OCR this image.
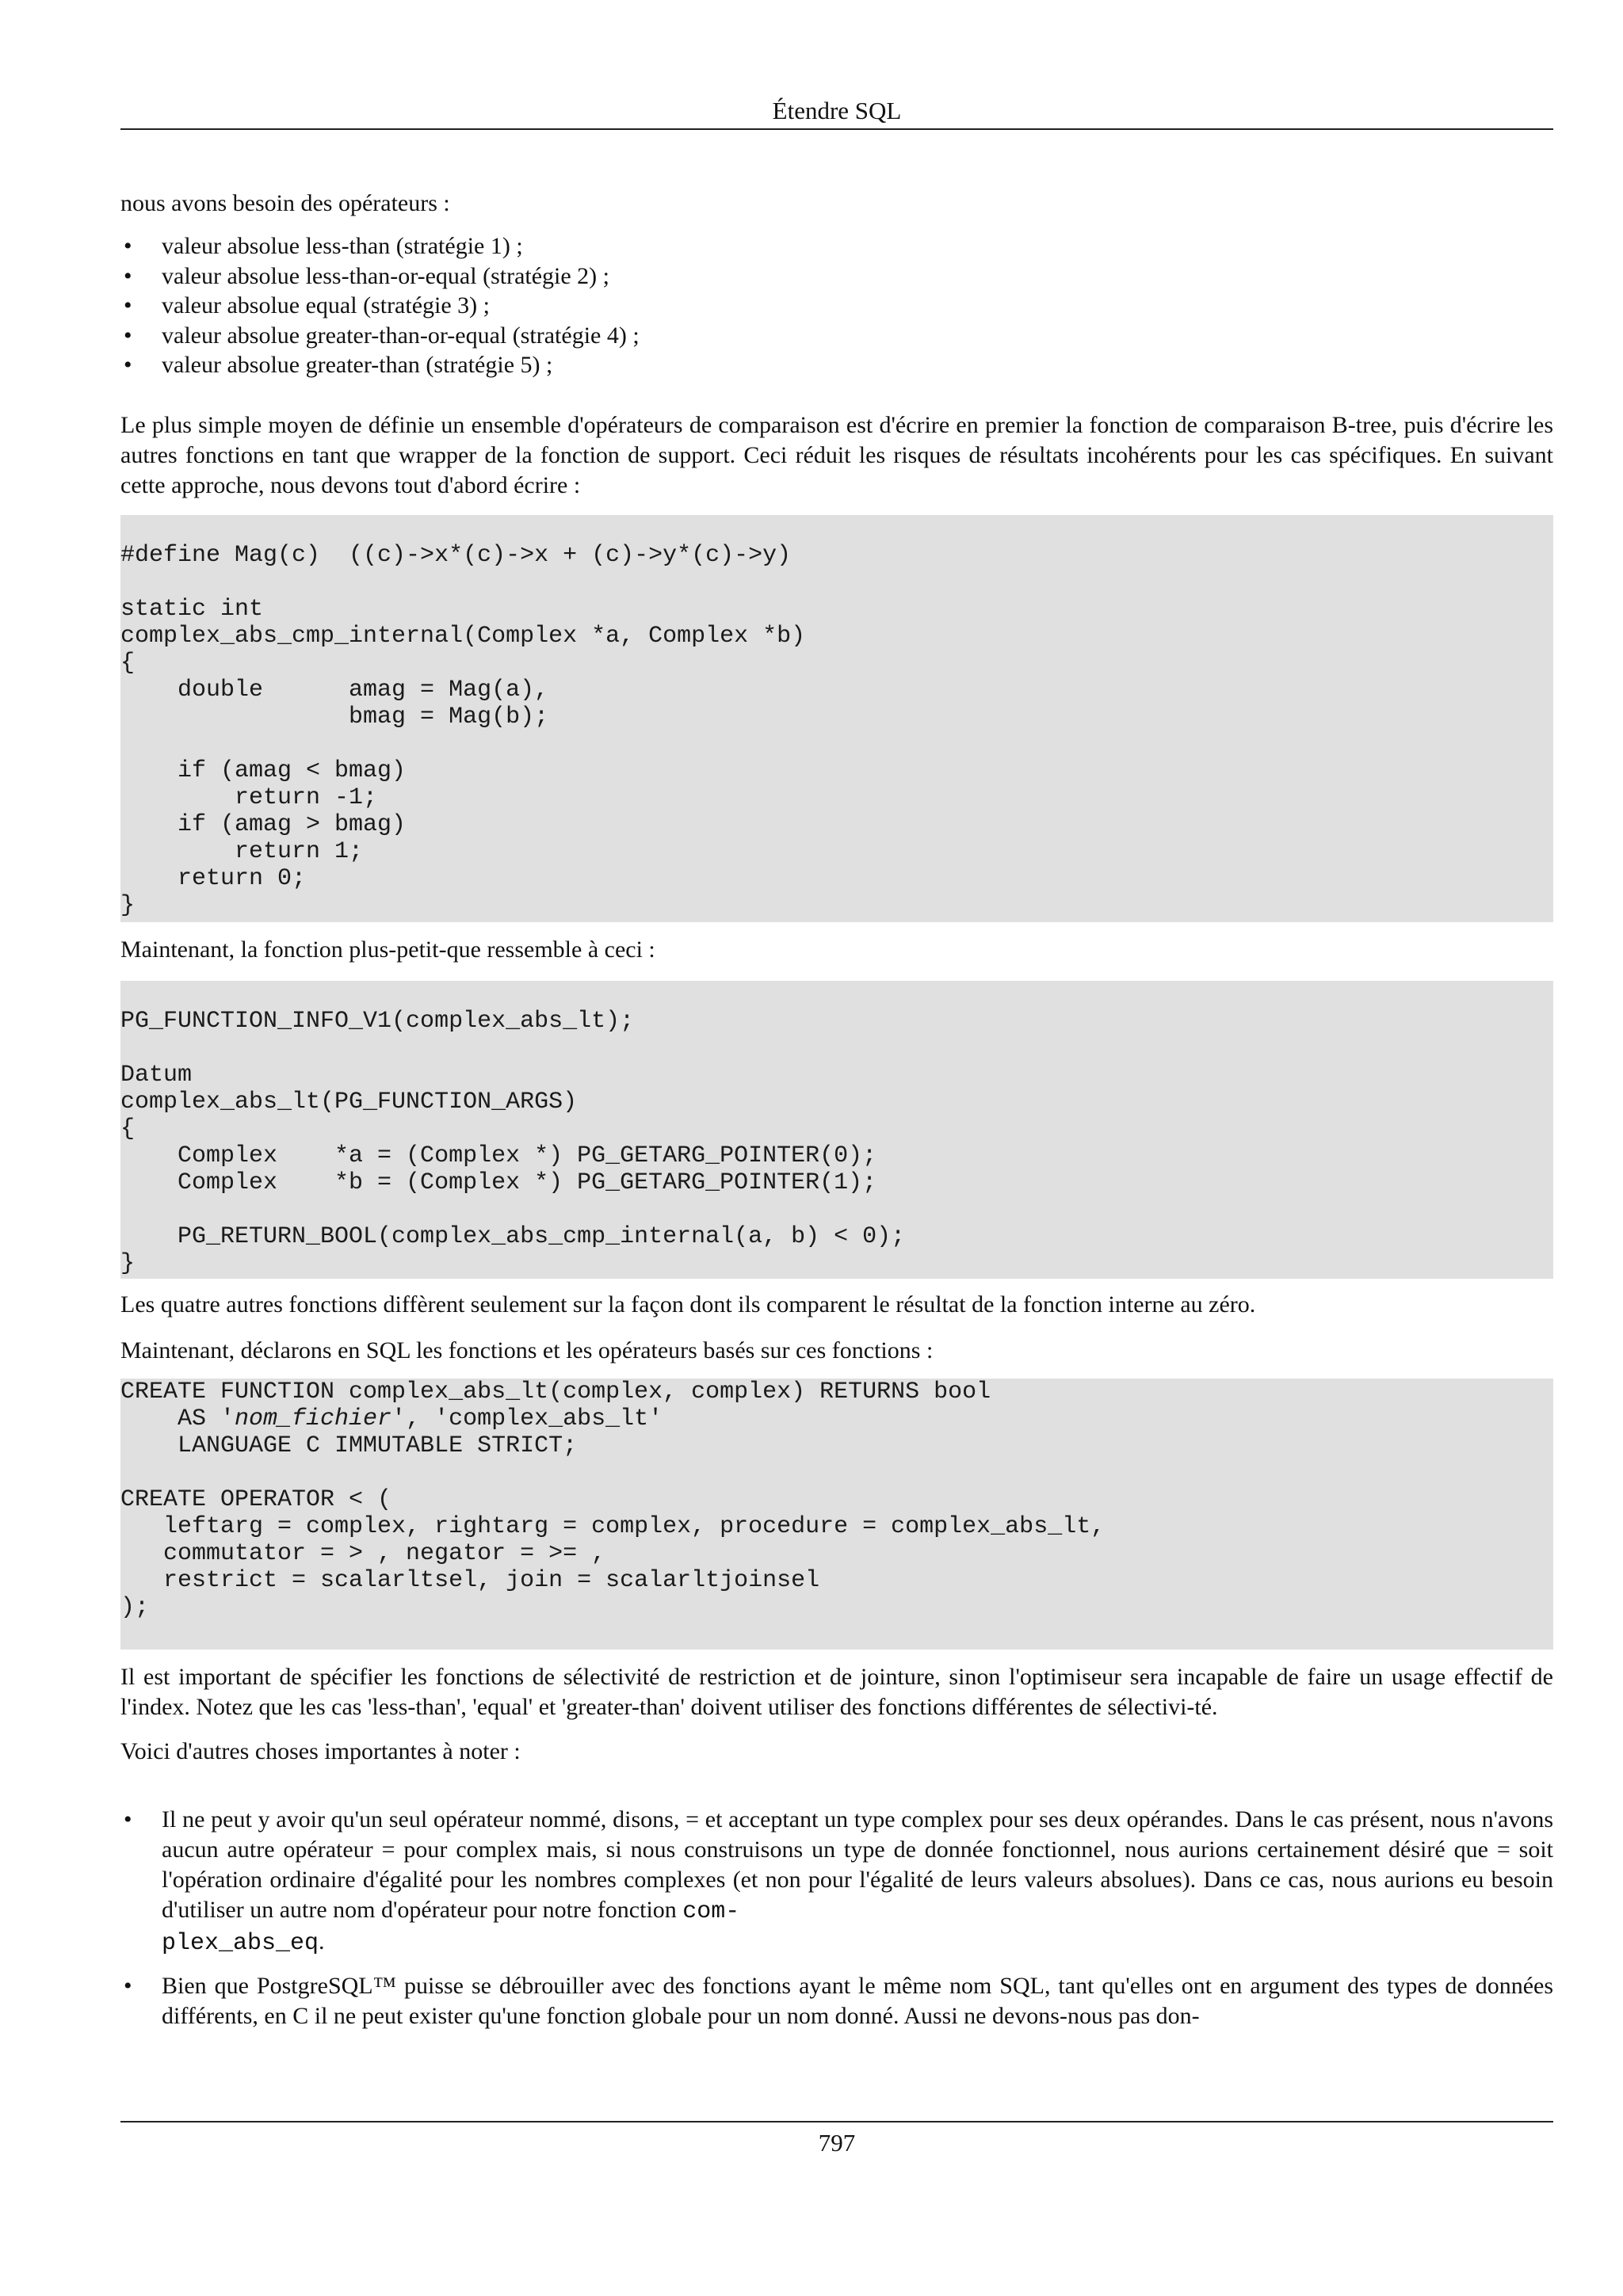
Étendre SQL

nous avons besoin des opérateurs :

• valeur absolue less-than (stratégie 1) ;
• valeur absolue less-than-or-equal (stratégie 2) ;
• valeur absolue equal (stratégie 3) ;
• valeur absolue greater-than-or-equal (stratégie 4) ;
• valeur absolue greater-than (stratégie 5) ;

Le plus simple moyen de définie un ensemble d'opérateurs de comparaison est d'écrire en premier la fonction de comparaison B-tree, puis d'écrire les autres fonctions en tant que wrapper de la fonction de support. Ceci réduit les risques de résultats incohérents pour les cas spécifiques. En suivant cette approche, nous devons tout d'abord écrire :

#define Mag(c)  ((c)->x*(c)->x + (c)->y*(c)->y)

static int
complex_abs_cmp_internal(Complex *a, Complex *b)
{
double      amag = Mag(a),
bmag = Mag(b);

if (amag < bmag)
return -1;
if (amag > bmag)
return 1;
return 0;
}

Maintenant, la fonction plus-petit-que ressemble à ceci :

PG_FUNCTION_INFO_V1(complex_abs_lt);

Datum
complex_abs_lt(PG_FUNCTION_ARGS)
{
Complex    *a = (Complex *) PG_GETARG_POINTER(0);
Complex    *b = (Complex *) PG_GETARG_POINTER(1);

PG_RETURN_BOOL(complex_abs_cmp_internal(a, b) < 0);
}

Les quatre autres fonctions diffèrent seulement sur la façon dont ils comparent le résultat de la fonction interne au zéro.

Maintenant, déclarons en SQL les fonctions et les opérateurs basés sur ces fonctions :

CREATE FUNCTION complex_abs_lt(complex, complex) RETURNS bool
AS 'nom_fichier', 'complex_abs_lt'
LANGUAGE C IMMUTABLE STRICT;

CREATE OPERATOR < (
leftarg = complex, rightarg = complex, procedure = complex_abs_lt,
commutator = > , negator = >= ,
restrict = scalarltsel, join = scalarltjoinsel
);

Il est important de spécifier les fonctions de sélectivité de restriction et de jointure, sinon l'optimiseur sera incapable de faire un usage effectif de l'index. Notez que les cas 'less-than', 'equal' et 'greater-than' doivent utiliser des fonctions différentes de sélectivi-té.

Voici d'autres choses importantes à noter :

• Il ne peut y avoir qu'un seul opérateur nommé, disons, = et acceptant un type complex pour ses deux opérandes. Dans le cas présent, nous n'avons aucun autre opérateur = pour complex mais, si nous construisons un type de donnée fonctionnel, nous aurions certainement désiré que = soit l'opération ordinaire d'égalité pour les nombres complexes (et non pour l'égalité de leurs valeurs absolues). Dans ce cas, nous aurions eu besoin d'utiliser un autre nom d'opérateur pour notre fonction com-
plex_abs_eq.
• Bien que PostgreSQL™ puisse se débrouiller avec des fonctions ayant le même nom SQL, tant qu'elles ont en argument des types de données différents, en C il ne peut exister qu'une fonction globale pour un nom donné. Aussi ne devons-nous pas don-
797
